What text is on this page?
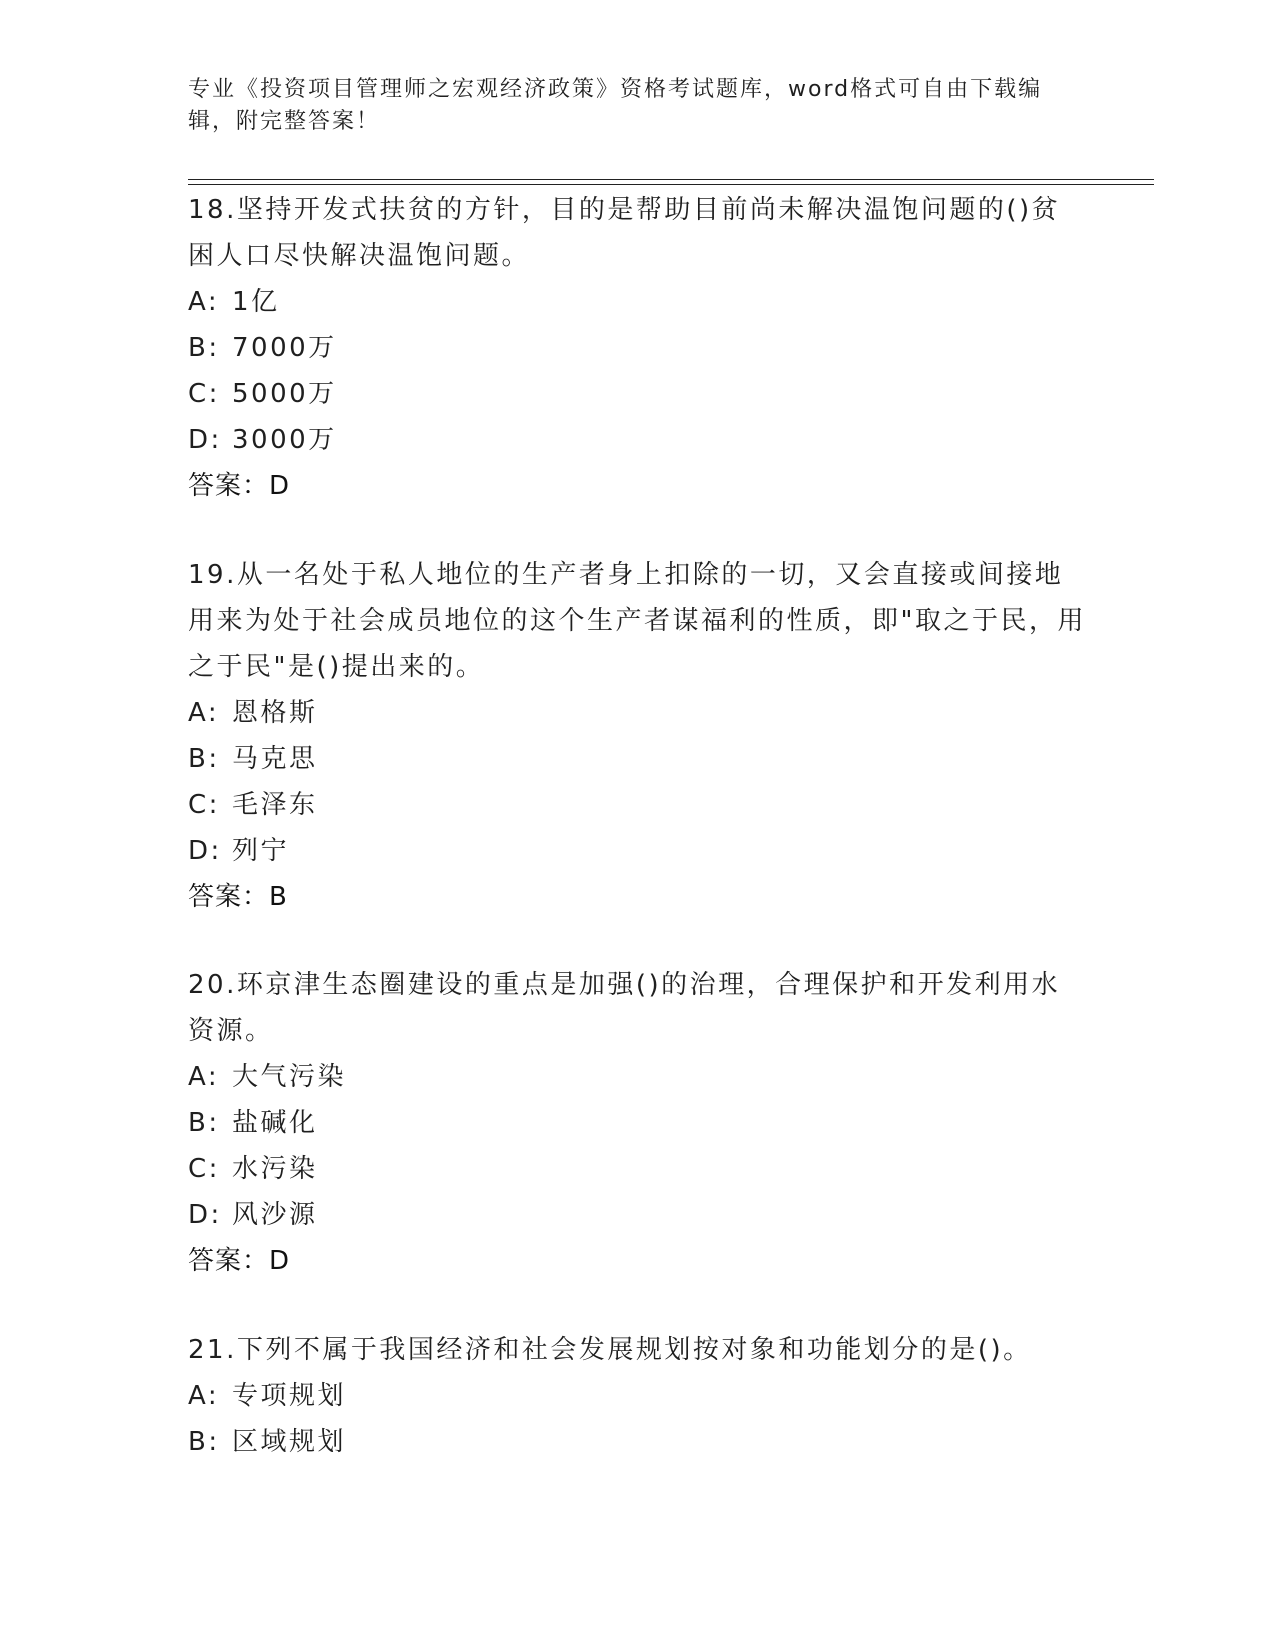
专业《投资项目管理师之宏观经济政策》资格考试题库，word格式可自由下载编辑，附完整答案！

18.坚持开发式扶贫的方针，目的是帮助目前尚未解决温饱问题的()贫困人口尽快解决温饱问题。

A: 1亿
B: 7000万
C: 5000万
D: 3000万
答案：D

19.从一名处于私人地位的生产者身上扣除的一切，又会直接或间接地用来为处于社会成员地位的这个生产者谋福利的性质，即"取之于民，用之于民"是()提出来的。

A: 恩格斯
B: 马克思
C: 毛泽东
D: 列宁
答案：B

20.环京津生态圈建设的重点是加强()的治理，合理保护和开发利用水资源。

A: 大气污染
B: 盐碱化
C: 水污染
D: 风沙源
答案：D

21.下列不属于我国经济和社会发展规划按对象和功能划分的是()。

A: 专项规划
B: 区域规划
